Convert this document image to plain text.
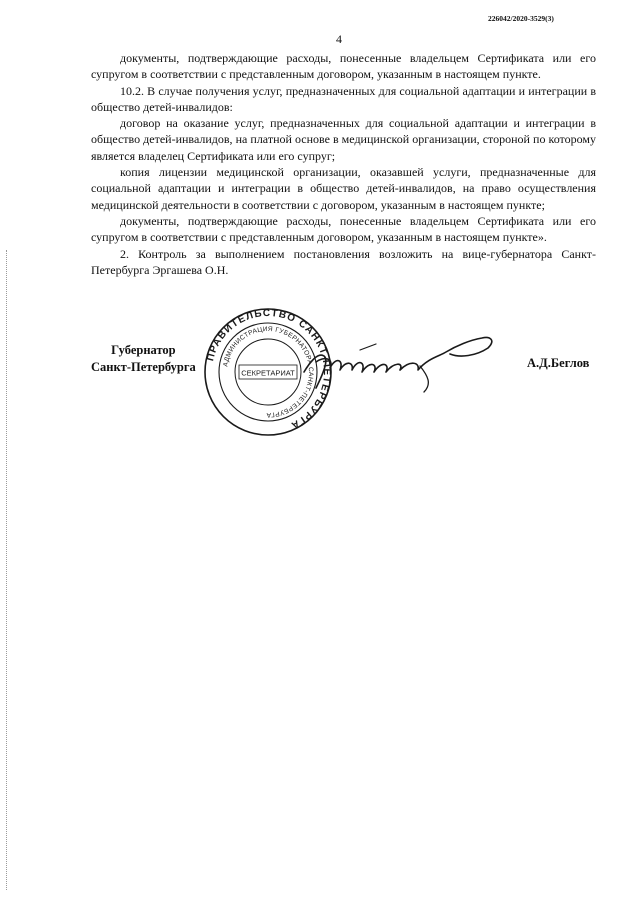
226042/2020-3529(3)
4

документы, подтверждающие расходы, понесенные владельцем Сертификата или его супругом в соответствии с представленным договором, указанным в настоящем пункте.

10.2. В случае получения услуг, предназначенных для социальной адаптации и интеграции в общество детей-инвалидов:

договор на оказание услуг, предназначенных для социальной адаптации и интеграции в общество детей-инвалидов, на платной основе в медицинской организации, стороной по которому является владелец Сертификата или его супруг;

копия лицензии медицинской организации, оказавшей услуги, предназначенные для социальной адаптации и интеграции в общество детей-инвалидов, на право осуществления медицинской деятельности в соответствии с договором, указанным в настоящем пункте;

документы, подтверждающие расходы, понесенные владельцем Сертификата или его супругом в соответствии с представленным договором, указанным в настоящем пункте».

2. Контроль за выполнением постановления возложить на вице-губернатора Санкт-Петербурга Эргашева О.Н.

Губернатор
Санкт-Петербурга
ПРАВИТЕЛЬСТВО САНКТ-ПЕТЕРБУРГА
АДМИНИСТРАЦИЯ ГУБЕРНАТОРА САНКТ-ПЕТЕРБУРГА
СЕКРЕТАРИАТ
А.Д.Беглов
